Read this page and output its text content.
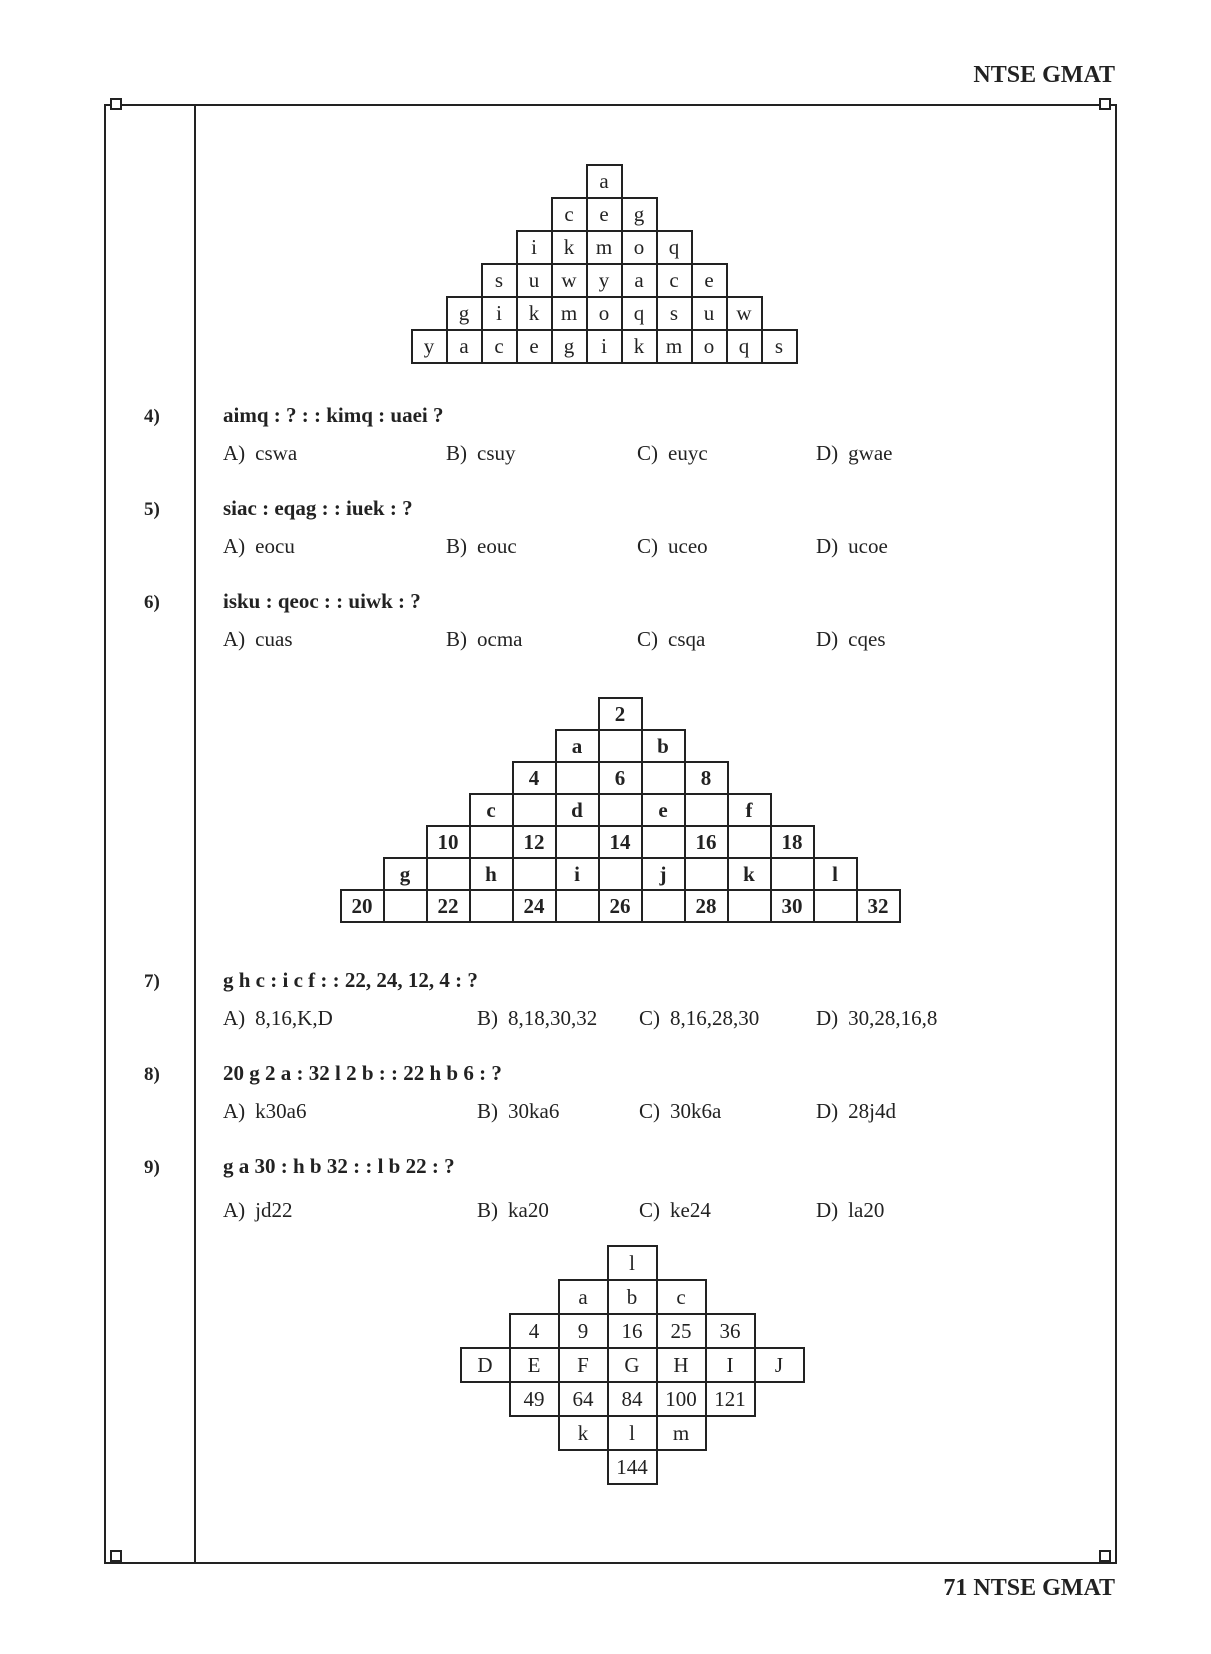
NTSE GMAT
a
c	e	g
i	k	m	o	q
s	u	w	y	a	c	e
g	i	k	m	o	q	s	u	w
y	a	c	e	g	i	k	m	o	q	s
4)	aimq : ? : : kimq : uaei ?
A) cswa	B) csuy	C) euyc	D) gwae
5)	siac : eqag : : iuek : ?
A) eocu	B) eouc	C) uceo	D) ucoe
6)	isku : qeoc : : uiwk : ?
A) cuas	B) ocma	C) csqa	D) cqes
2
a	b
4	6	8
c	d	e	f
10	12	14	16	18
g	h	i	j	k	l
20	22	24	26	28	30	32
7)	g h c : i c f : : 22, 24, 12, 4 : ?
A) 8,16,K,D	B) 8,18,30,32 C) 8,16,28,30	D) 30,28,16,8
8)	20 g 2 a : 32 l 2 b : : 22 h b 6 : ?
A) k30a6	B) 30ka6	C) 30k6a	D) 28j4d
9)	g a 30 : h b 32 : : l b 22 : ?
A) jd22	B) ka20	C) ke24	D) la20
l
a	b	c
4	9	16	25	36
D	E	F	G	H	I	J
49	64	84	100 121
k	l	m
144
71 NTSE GMAT
